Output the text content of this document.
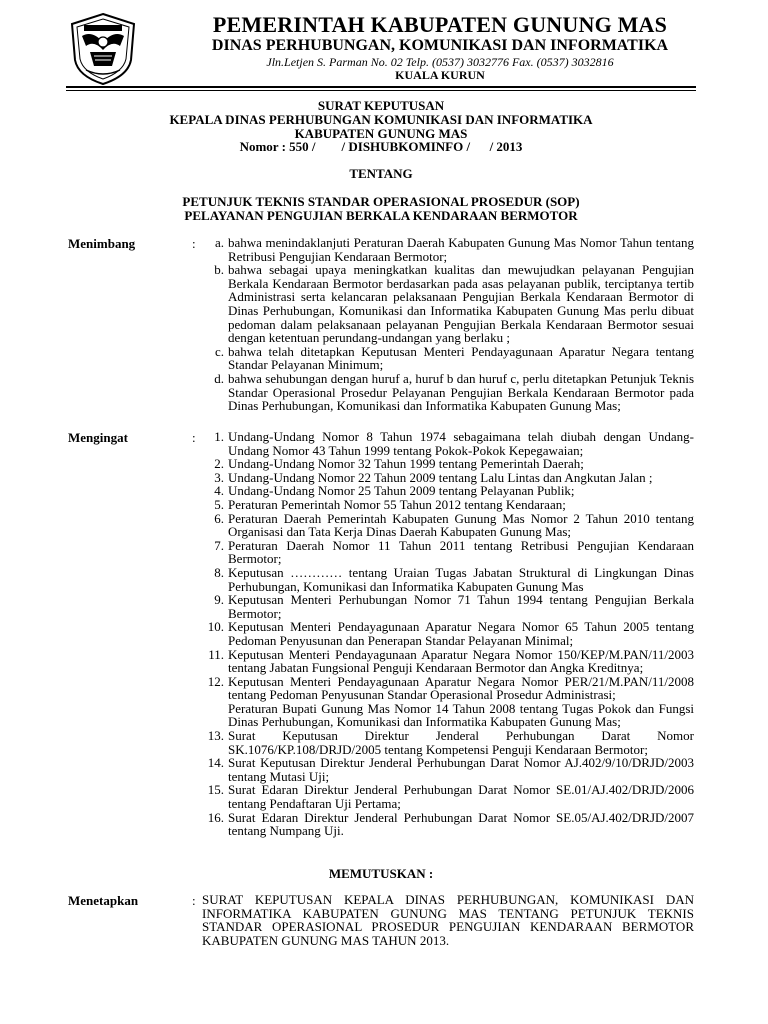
PEMERINTAH KABUPATEN GUNUNG MAS
DINAS PERHUBUNGAN, KOMUNIKASI DAN INFORMATIKA
Jln.Letjen S. Parman No. 02 Telp. (0537) 3032776 Fax. (0537) 3032816
KUALA KURUN
SURAT KEPUTUSAN
KEPALA DINAS PERHUBUNGAN KOMUNIKASI DAN INFORMATIKA
KABUPATEN GUNUNG MAS
Nomor : 550 /        / DISHUBKOMINFO /      / 2013
TENTANG
PETUNJUK TEKNIS STANDAR OPERASIONAL PROSEDUR (SOP)
PELAYANAN PENGUJIAN BERKALA KENDARAAN BERMOTOR
Menimbang	:	a. bahwa menindaklanjuti Peraturan Daerah Kabupaten Gunung Mas Nomor Tahun tentang Retribusi Pengujian Kendaraan Bermotor;
b. bahwa sebagai upaya meningkatkan kualitas dan mewujudkan pelayanan Pengujian Berkala Kendaraan Bermotor berdasarkan pada asas pelayanan publik, terciptanya tertib Administrasi serta kelancaran pelaksanaan Pengujian Berkala Kendaraan Bermotor di Dinas Perhubungan, Komunikasi dan Informatika Kabupaten Gunung Mas perlu dibuat pedoman dalam pelaksanaan pelayanan Pengujian Berkala Kendaraan Bermotor sesuai dengan ketentuan perundang-undangan yang berlaku ;
c. bahwa telah ditetapkan Keputusan Menteri Pendayagunaan Aparatur Negara tentang Standar Pelayanan Minimum;
d. bahwa sehubungan dengan huruf a, huruf b dan huruf c, perlu ditetapkan Petunjuk Teknis Standar Operasional Prosedur Pelayanan Pengujian Berkala Kendaraan Bermotor pada Dinas Perhubungan, Komunikasi dan Informatika Kabupaten Gunung Mas;
Mengingat	:	1. Undang-Undang Nomor 8 Tahun 1974 sebagaimana telah diubah dengan Undang-Undang Nomor 43 Tahun 1999 tentang Pokok-Pokok Kepegawaian;
2. Undang-Undang Nomor 32 Tahun 1999 tentang Pemerintah Daerah;
3. Undang-Undang Nomor 22 Tahun 2009 tentang Lalu Lintas dan Angkutan Jalan ;
4. Undang-Undang Nomor 25 Tahun 2009 tentang Pelayanan Publik;
5. Peraturan Pemerintah Nomor 55 Tahun 2012 tentang Kendaraan;
6. Peraturan Daerah Pemerintah Kabupaten Gunung Mas Nomor 2 Tahun 2010 tentang Organisasi dan Tata Kerja Dinas Daerah Kabupaten Gunung Mas;
7. Peraturan Daerah Nomor 11 Tahun 2011 tentang Retribusi Pengujian Kendaraan Bermotor;
8. Keputusan ………… tentang Uraian Tugas Jabatan Struktural di Lingkungan Dinas Perhubungan, Komunikasi dan Informatika Kabupaten Gunung Mas
9. Keputusan Menteri Perhubungan Nomor 71 Tahun 1994 tentang Pengujian Berkala Bermotor;
10. Keputusan Menteri Pendayagunaan Aparatur Negara Nomor 65 Tahun 2005 tentang Pedoman Penyusunan dan Penerapan Standar Pelayanan Minimal;
11. Keputusan Menteri Pendayagunaan Aparatur Negara Nomor 150/KEP/M.PAN/11/2003 tentang Jabatan Fungsional Penguji Kendaraan Bermotor dan Angka Kreditnya;
12. Keputusan Menteri Pendayagunaan Aparatur Negara Nomor PER/21/M.PAN/11/2008 tentang Pedoman Penyusunan Standar Operasional Prosedur Administrasi;
Peraturan Bupati Gunung Mas Nomor 14 Tahun 2008 tentang Tugas Pokok dan Fungsi Dinas Perhubungan, Komunikasi dan Informatika Kabupaten Gunung Mas;
13. Surat Keputusan Direktur Jenderal Perhubungan Darat Nomor SK.1076/KP.108/DRJD/2005 tentang Kompetensi Penguji Kendaraan Bermotor;
14. Surat Keputusan Direktur Jenderal Perhubungan Darat Nomor AJ.402/9/10/DRJD/2003 tentang Mutasi Uji;
15. Surat Edaran Direktur Jenderal Perhubungan Darat Nomor SE.01/AJ.402/DRJD/2006 tentang Pendaftaran Uji Pertama;
16. Surat Edaran Direktur Jenderal Perhubungan Darat Nomor SE.05/AJ.402/DRJD/2007 tentang Numpang Uji.
MEMUTUSKAN :
Menetapkan	: SURAT KEPUTUSAN KEPALA DINAS PERHUBUNGAN, KOMUNIKASI DAN INFORMATIKA KABUPATEN GUNUNG MAS TENTANG PETUNJUK TEKNIS STANDAR OPERASIONAL PROSEDUR PENGUJIAN KENDARAAN BERMOTOR KABUPATEN GUNUNG MAS TAHUN 2013.
